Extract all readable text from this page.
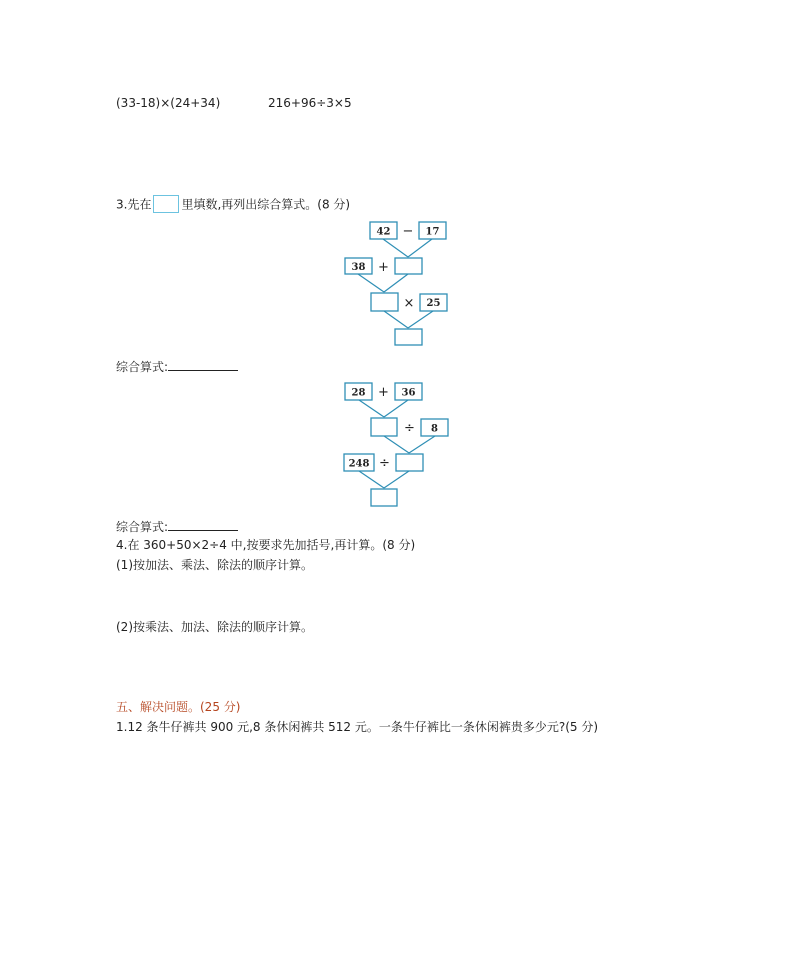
(33-18)×(24+34)	216+96÷3×5
3.先在	里填数,再列出综合算式。(8 分)
42 − 17
38 +
× 25
综合算式:
28 + 36
÷ 8
248 ÷
综合算式:
4.在 360+50×2÷4 中,按要求先加括号,再计算。(8 分)
(1)按加法、乘法、除法的顺序计算。
(2)按乘法、加法、除法的顺序计算。
五、解决问题。(25 分)
1.12 条牛仔裤共 900 元,8 条休闲裤共 512 元。一条牛仔裤比一条休闲裤贵多少元?(5 分)
